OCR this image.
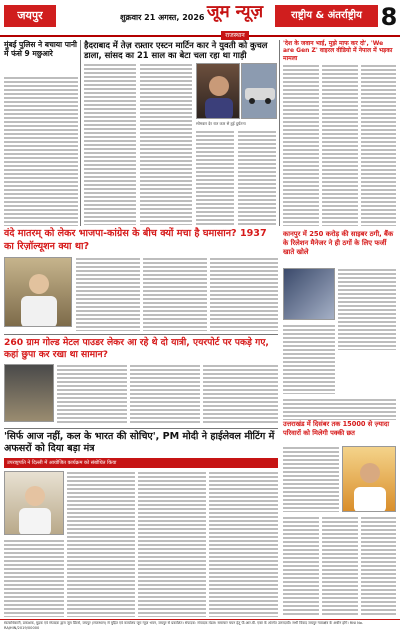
जयपुर	शुक्रवार 21 अगस्त, 2026 जूम न्यूज़
राजस्थान
राष्ट्रीय & अंतर्राष्ट्रीय 8
मुंबई पुलिस ने बचाया पानी में फंसे 9 मछुआरे
हैदराबाद में तेज़ रफ़्तार एस्टन मार्टिन कार ने युवती को कुचल डाला, सांसद का 21 साल का बेटा चला रहा था गाड़ी
सोमवार देर रात कार से हुई दुर्घटना
'देश के जवान भाई, मुझे माफ कर दो', 'We are Gen Z' वाइरल वीडियो में नेपाल में भड़का मामला
वंदे मातरम् को लेकर भाजपा-कांग्रेस के बीच क्यों मचा है घमासान? 1937 का रिज़ॉल्यूशन क्या था?
कानपुर में 250 करोड़ की साइबर ठगी, बैंक के रिलेशन मैनेजर ने ही ठगों के लिए फर्जी खाते खोले
260 ग्राम गोल्ड मेटल पाउडर लेकर आ रहे थे दो यात्री, एयरपोर्ट पर पकड़े गए, कहां छुपा कर रखा था सामान?
उत्तराखंड में दिसंबर तक 15000 से ज़्यादा परिवारों को मिलेगी पक्की छत
'सिर्फ आज नहीं, कल के भारत की सोचिए', PM मोदी ने हाईलेवल मीटिंग में अफसरों को दिया बड़ा मंत्र
उपराष्ट्रपति ने दिल्ली में आयोजित कार्यक्रम को संबोधित किया
स्वत्वाधिकारी, प्रकाशक, मुद्रक एवं संपादक द्वारा जूम प्रिंटर्स, जयपुर (राजस्थान) से मुद्रित एवं कार्यालय जूम न्यूज़ भवन, जयपुर से प्रकाशित। संपादक: संपादक मंडल। समाचार चयन हेतु पी.आर.बी. एक्ट के अंतर्गत उत्तरदायी। सभी विवाद जयपुर न्यायक्षेत्र के अधीन होंगे। RNI No. RAJHIN/2019/00000
